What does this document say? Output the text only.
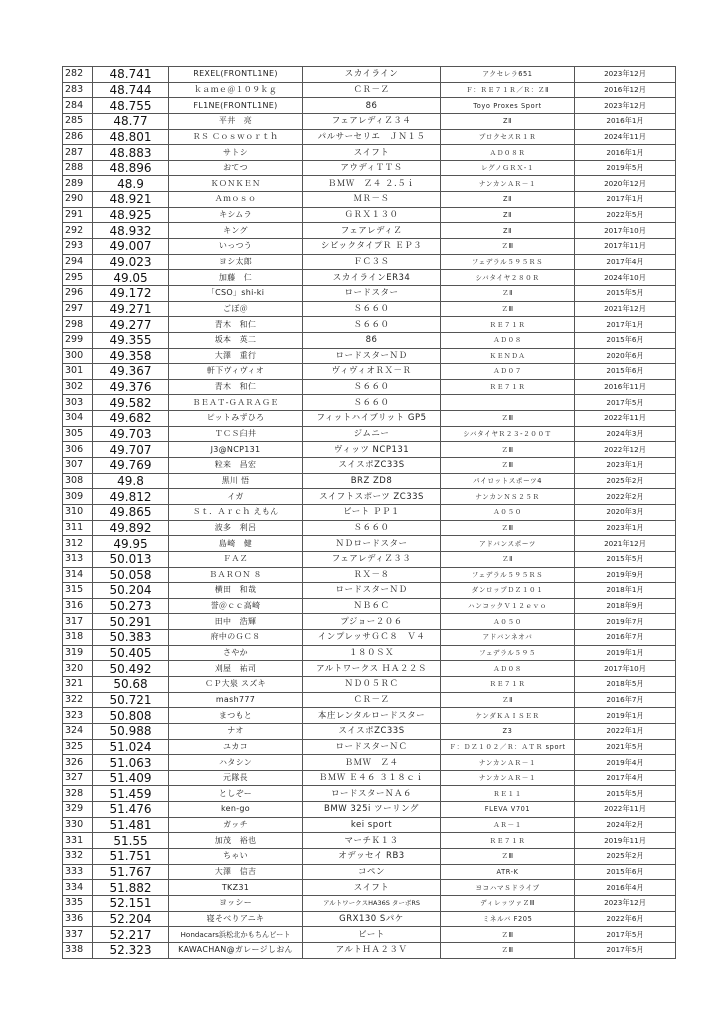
282	48.741	REXEL(FRONTL1NE)	スカイライン	アクセレラ651	2023年12月
283	48.744	ｋａｍｅ＠１０９ｋｇ	ＣＲ－Ｚ	Ｆ：ＲＥ７１Ｒ／Ｒ：ＺⅡ	2016年12月
284	48.755	FL1NE(FRONTL1NE)	86	Toyo Proxes Sport	2023年12月
285	48.77	平井　亮	フェアレディＺ３４	ZⅡ	2016年1月
286	48.801	ＲＳ Ｃｏｓｗｏｒｔｈ	パルサーセリエ　ＪＮ１５	プロクセスＲ１Ｒ	2024年11月
287	48.883	サトシ	スイフト	ＡＤ０８Ｒ	2016年1月
288	48.896	おてつ	アウディＴＴＳ	レグノＧＲＸ-１	2019年5月
289	48.9	ＫＯＮＫＥＮ	ＢＭＷ　Ｚ４ ２.５ｉ	ナンカンＡＲ－１	2020年12月
290	48.921	Ａｍｏｓｏ	ＭＲ－Ｓ	ZⅡ	2017年1月
291	48.925	キシムラ	ＧＲＸ１３０	ZⅡ	2022年5月
292	48.932	キング	フェアレディＺ	ZⅡ	2017年10月
293	49.007	いっつう	シビックタイプＲ ＥＰ３	ＺⅢ	2017年11月
294	49.023	ヨシ太郎	ＦＣ３Ｓ	フェデラル５９５ＲＳ	2017年4月
295	49.05	加藤　仁	スカイラインER34	シバタイヤ２８０Ｒ	2024年10月
296	49.172	「CSO」shi-ki	ロードスター	ＺⅡ	2015年5月
297	49.271	ごぼ＠	Ｓ６６０	ＺⅢ	2021年12月
298	49.277	青木　和仁	Ｓ６６０	ＲＥ７１Ｒ	2017年1月
299	49.355	坂本　英二	86	ＡＤ０８	2015年6月
300	49.358	大澤　重行	ロードスターＮＤ	ＫＥＮＤＡ	2020年6月
301	49.367	軒下ヴィヴィオ	ヴィヴィオＲＸ－Ｒ	ＡＤ０７	2015年6月
302	49.376	青木　和仁	Ｓ６６０	ＲＥ７１Ｒ	2016年11月
303	49.582	ＢＥＡＴ-ＧＡＲＡＧＥ	Ｓ６６０		2017年5月
304	49.682	ピットみずひろ	フィットハイブリット GP5	ＺⅢ	2022年11月
305	49.703	ＴＣＳ臼井	ジムニー	シバタイヤＲ２３-２００Ｔ	2024年3月
306	49.707	J3@NCP131	ヴィッツ NCP131	ＺⅢ	2022年12月
307	49.769	粒来　昌宏	スイスポZC33S	ＺⅢ	2023年1月
308	49.8	黒川 悟	BRZ ZD8	パイロットスポーツ4	2025年2月
309	49.812	イガ	スイフトスポーツ ZC33S	ナンカンＮＳ２５Ｒ	2022年2月
310	49.865	Ｓｔ．Ａｒｃｈ えもん	ビート ＰＰ１	Ａ０５０	2020年3月
311	49.892	波多　利呂	Ｓ６６０	ＺⅢ	2023年1月
312	49.95	島崎　健	ＮＤロードスター	アドバンスポーツ	2021年12月
313	50.013	ＦＡＺ	フェアレディＺ３３	ＺⅡ	2015年5月
314	50.058	ＢＡＲＯＮ ８	ＲＸ－８	フェデラル５９５ＲＳ	2019年9月
315	50.204	横田　和哉	ロードスターＮＤ	ダンロップＤＺ１０１	2018年1月
316	50.273	誉＠ｃｃ高崎	ＮＢ６Ｃ	ハンコックＶ１２ｅｖｏ	2018年9月
317	50.291	田中　浩輝	プジョー２０６	Ａ０５０	2019年7月
318	50.383	府中のＧＣ８	インプレッサＧＣ８　Ｖ４	アドバンネオバ	2016年7月
319	50.405	さやか	１８０ＳＸ	フェデラル５９５	2019年1月
320	50.492	刈屋　祐司	アルトワークス ＨＡ２２Ｓ	ＡＤ０８	2017年10月
321	50.68	ＣＰ大泉 スズキ	ＮＤ０５ＲＣ	ＲＥ７１Ｒ	2018年5月
322	50.721	mash777	ＣＲ－Ｚ	ＺⅡ	2016年7月
323	50.808	まつもと	本庄レンタルロードスター	ケンダＫＡＩＳＥＲ	2019年1月
324	50.988	ナオ	スイスポZC33S	Z3	2022年1月
325	51.024	ユカコ	ロードスターＮＣ	Ｆ：ＤＺ１０２／Ｒ：ＡＴＲ sport	2021年5月
326	51.063	ハタシン	ＢＭＷ　Ｚ４	ナンカンＡＲ－１	2019年4月
327	51.409	元隊長	ＢＭＷ Ｅ４６ ３１８ｃｉ	ナンカンＡＲ－１	2017年4月
328	51.459	としぞー	ロードスターＮＡ６	ＲＥ１１	2015年5月
329	51.476	ken-go	BMW 325i ツーリング	FLEVA V701	2022年11月
330	51.481	ガッチ	kei sport	ＡＲ－１	2024年2月
331	51.55	加茂　裕也	マーチＫ１３	ＲＥ７１Ｒ	2019年11月
332	51.751	ちゃい	オデッセイ RB3	ＺⅢ	2025年2月
333	51.767	大澤　信吉	コペン	ATR-K	2015年6月
334	51.882	TKZ31	スイフト	ヨコハマＳドライブ	2016年4月
335	52.151	ヨッシー	アルトワークスHA36S ターボRS	ディレッツァＺⅢ	2023年12月
336	52.204	寝そべりアニキ	GRX130 Sパケ	ミネルバ F205	2022年6月
337	52.217	Hondacars浜松北かもちんビート	ビート	ＺⅢ	2017年5月
338	52.323	KAWACHAN@ガレージしおん	アルトＨＡ２３Ｖ	ＺⅢ	2017年5月
